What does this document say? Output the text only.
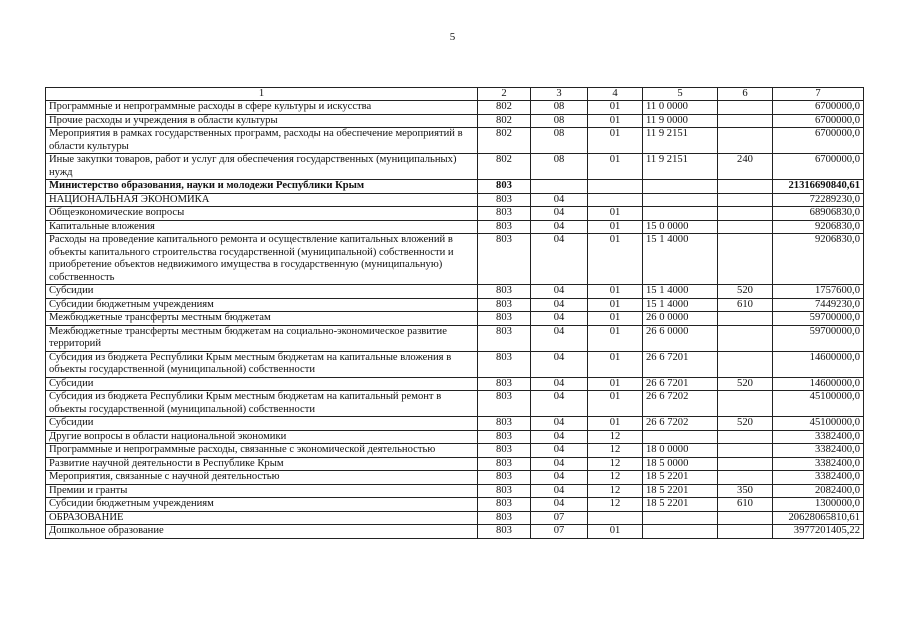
5
1	2	3	4	5	6	7
Программные и непрограммные расходы в сфере культуры и искусства	802	08	01	11 0 0000		6700000,0
Прочие расходы и учреждения в области культуры	802	08	01	11 9 0000		6700000,0
Мероприятия в рамках государственных программ, расходы на обеспечение мероприятий в области культуры	802	08	01	11 9 2151		6700000,0
Иные закупки товаров, работ и услуг для обеспечения государственных (муниципальных) нужд	802	08	01	11 9 2151	240	6700000,0
Министерство образования, науки и молодежи Республики Крым	803					21316690840,61
НАЦИОНАЛЬНАЯ ЭКОНОМИКА	803	04				72289230,0
Общеэкономические вопросы	803	04	01			68906830,0
Капитальные вложения	803	04	01	15 0 0000		9206830,0
Расходы на проведение капитального ремонта и осуществление капитальных вложений в объекты капитального строительства государственной (муниципальной) собственности и приобретение объектов недвижимого имущества в государственную (муниципальную) собственность	803	04	01	15 1 4000		9206830,0
Субсидии	803	04	01	15 1 4000	520	1757600,0
Субсидии бюджетным учреждениям	803	04	01	15 1 4000	610	7449230,0
Межбюджетные трансферты местным бюджетам	803	04	01	26 0 0000		59700000,0
Межбюджетные трансферты местным бюджетам на социально-экономическое развитие территорий	803	04	01	26 6 0000		59700000,0
Субсидия из бюджета Республики Крым местным бюджетам на капитальные вложения в объекты государственной (муниципальной) собственности	803	04	01	26 6 7201		14600000,0
Субсидии	803	04	01	26 6 7201	520	14600000,0
Субсидия из бюджета Республики Крым местным бюджетам на капитальный ремонт в объекты государственной (муниципальной) собственности	803	04	01	26 6 7202		45100000,0
Субсидии	803	04	01	26 6 7202	520	45100000,0
Другие вопросы в области национальной экономики	803	04	12			3382400,0
Программные и непрограммные расходы, связанные с экономической деятельностью	803	04	12	18 0 0000		3382400,0
Развитие научной деятельности в Республике Крым	803	04	12	18 5 0000		3382400,0
Мероприятия, связанные с научной деятельностью	803	04	12	18 5 2201		3382400,0
Премии и гранты	803	04	12	18 5 2201	350	2082400,0
Субсидии бюджетным учреждениям	803	04	12	18 5 2201	610	1300000,0
ОБРАЗОВАНИЕ	803	07				20628065810,61
Дошкольное образование	803	07	01			3977201405,22
